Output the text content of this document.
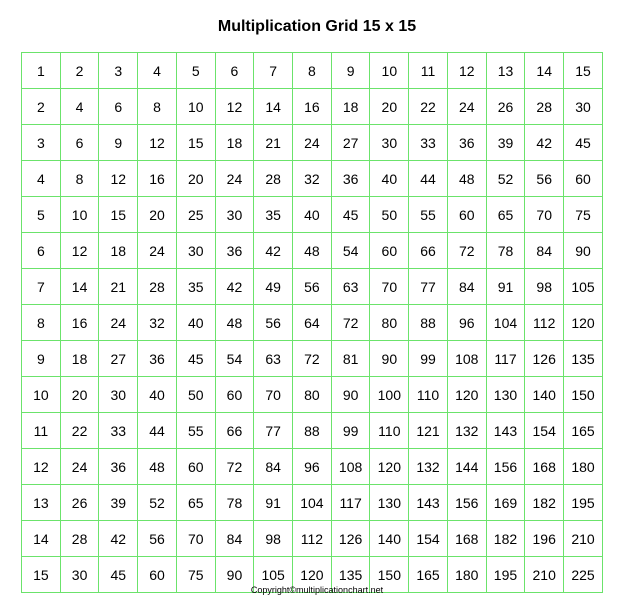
Multiplication Grid 15 x 15
1	2	3	4	5	6	7	8	9	10	11	12	13	14	15
2	4	6	8	10	12	14	16	18	20	22	24	26	28	30
3	6	9	12	15	18	21	24	27	30	33	36	39	42	45
4	8	12	16	20	24	28	32	36	40	44	48	52	56	60
5	10	15	20	25	30	35	40	45	50	55	60	65	70	75
6	12	18	24	30	36	42	48	54	60	66	72	78	84	90
7	14	21	28	35	42	49	56	63	70	77	84	91	98	105
8	16	24	32	40	48	56	64	72	80	88	96	104	112	120
9	18	27	36	45	54	63	72	81	90	99	108	117	126	135
10	20	30	40	50	60	70	80	90	100	110	120	130	140	150
11	22	33	44	55	66	77	88	99	110	121	132	143	154	165
12	24	36	48	60	72	84	96	108	120	132	144	156	168	180
13	26	39	52	65	78	91	104	117	130	143	156	169	182	195
14	28	42	56	70	84	98	112	126	140	154	168	182	196	210
15	30	45	60	75	90	105	120	135	150	165	180	195	210	225
Copyright©multiplicationchart.net
